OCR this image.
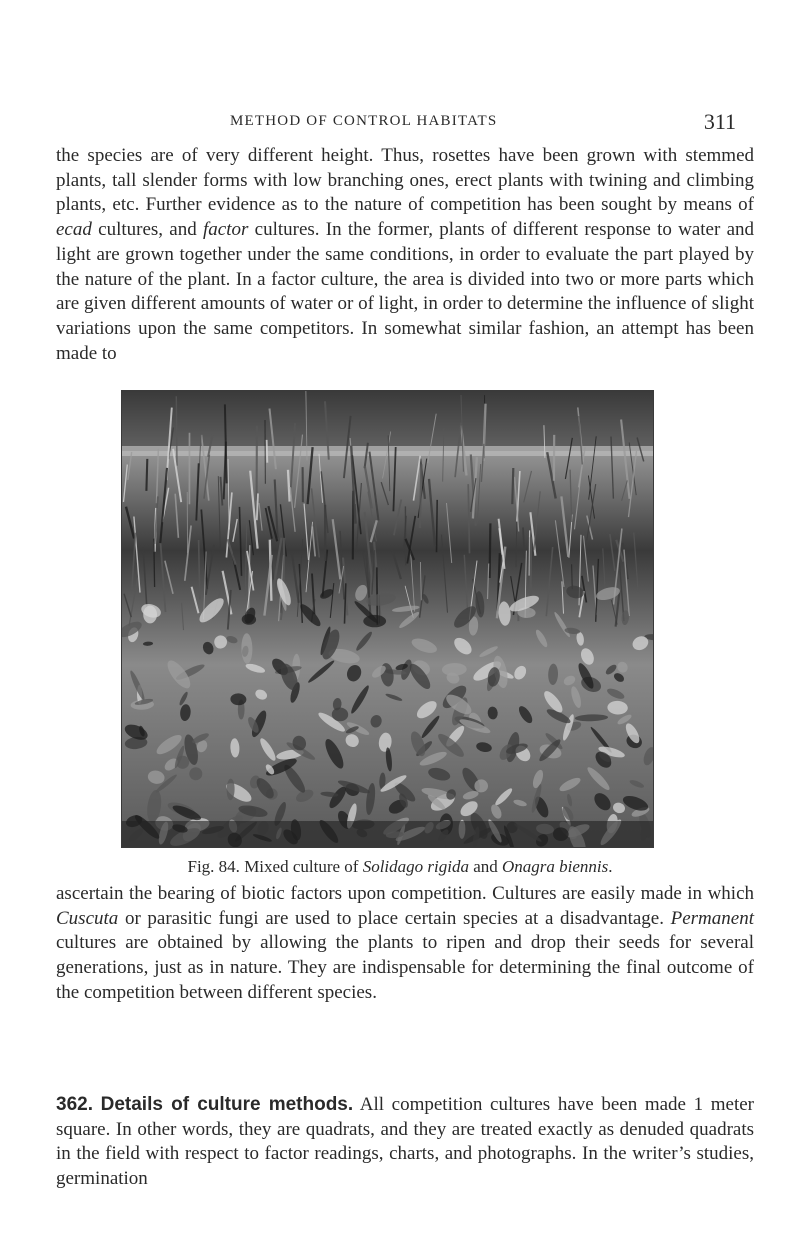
METHOD OF CONTROL HABITATS	311

the species are of very different height. Thus, rosettes have been grown with stemmed plants, tall slender forms with low branching ones, erect plants with twining and climbing plants, etc. Further evidence as to the nature of competition has been sought by means of ecad cultures, and factor cultures. In the former, plants of different response to water and light are grown together under the same conditions, in order to evaluate the part played by the nature of the plant. In a factor culture, the area is divided into two or more parts which are given different amounts of water or of light, in order to determine the influence of slight variations upon the same competitors. In somewhat similar fashion, an attempt has been made to

Fig. 84. Mixed culture of Solidago rigida and Onagra biennis.

ascertain the bearing of biotic factors upon competition. Cultures are easily made in which Cuscuta or parasitic fungi are used to place certain species at a disadvantage. Permanent cultures are obtained by allowing the plants to ripen and drop their seeds for several generations, just as in nature. They are indispensable for determining the final outcome of the competition between different species.

362. Details of culture methods. All competition cultures have been made 1 meter square. In other words, they are quadrats, and they are treated exactly as denuded quadrats in the field with respect to factor readings, charts, and photographs. In the writer’s studies, germination
